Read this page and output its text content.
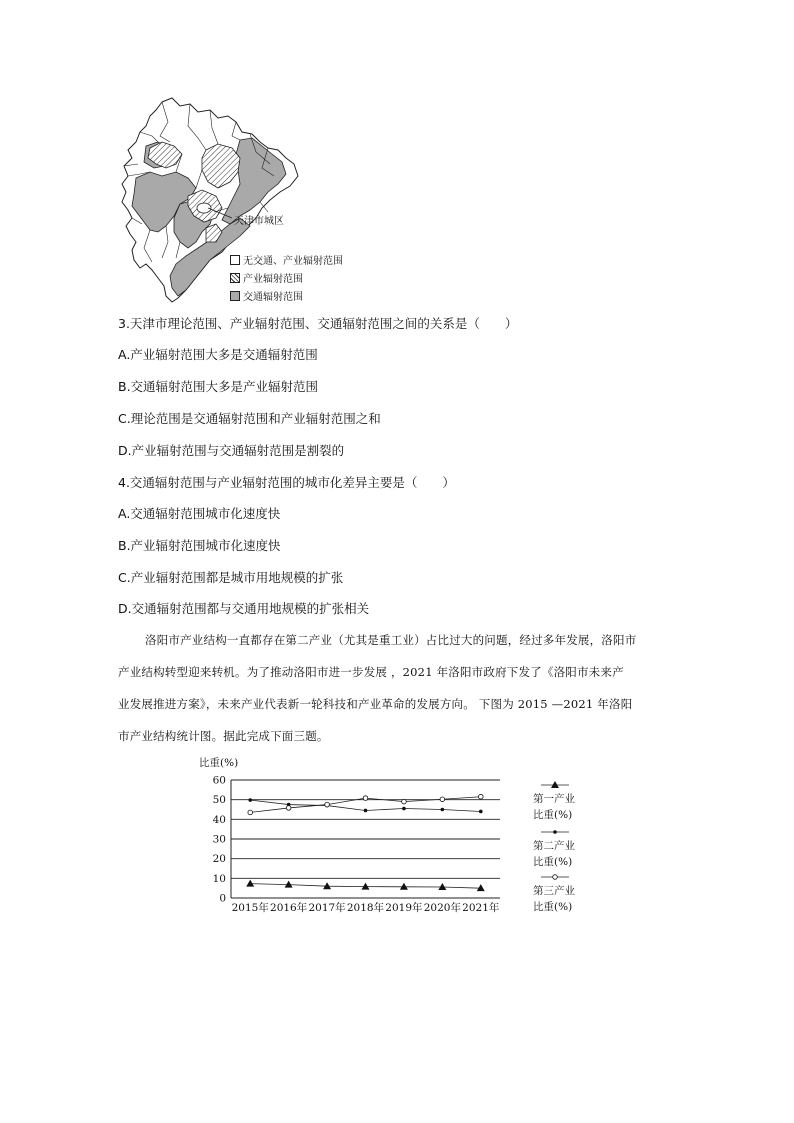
天津市城区
无交通、产业辐射范围
产业辐射范围
交通辐射范围
3.天津市理论范围、产业辐射范围、交通辐射范围之间的关系是（　　）
A.产业辐射范围大多是交通辐射范围
B.交通辐射范围大多是产业辐射范围
C.理论范围是交通辐射范围和产业辐射范围之和
D.产业辐射范围与交通辐射范围是割裂的
4.交通辐射范围与产业辐射范围的城市化差异主要是（　　）
A.交通辐射范围城市化速度快
B.产业辐射范围城市化速度快
C.产业辐射范围都是城市用地规模的扩张
D.交通辐射范围都与交通用地规模的扩张相关
洛阳市产业结构一直都存在第二产业（尤其是重工业）占比过大的问题，经过多年发展，洛阳市
产业结构转型迎来转机。为了推动洛阳市进一步发展 ，2021 年洛阳市政府下发了《洛阳市未来产
业发展推进方案》，未来产业代表新一轮科技和产业革命的发展方向。 下图为 2015 —2021 年洛阳
市产业结构统计图。据此完成下面三题。
比重(%)
0
10
20
30
40
50
60
2015年 2016年 2017年 2018年 2019年 2020年 2021年
第一产业
比重(%)
第二产业
比重(%)
第三产业
比重(%)
